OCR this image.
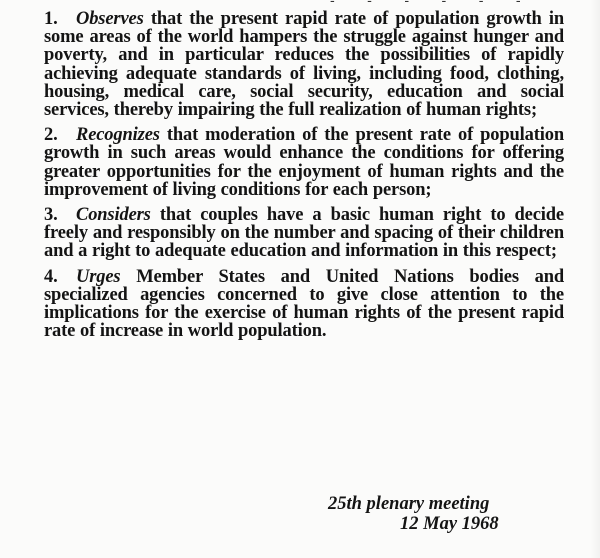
1. Observes that the present rapid rate of population growth in some areas of the world hampers the struggle against hunger and poverty, and in particular reduces the possibilities of rapidly achieving adequate standards of living, including food, clothing, housing, medical care, social security, education and social services, thereby impairing the full realization of human rights;

2. Recognizes that moderation of the present rate of population growth in such areas would enhance the conditions for offering greater opportunities for the enjoyment of human rights and the improvement of living conditions for each person;

3. Considers that couples have a basic human right to decide freely and responsibly on the number and spacing of their children and a right to adequate education and information in this respect;

4. Urges Member States and United Nations bodies and specialized agencies concerned to give close attention to the implications for the exercise of human rights of the present rapid rate of increase in world population.

25th plenary meeting
12 May 1968
